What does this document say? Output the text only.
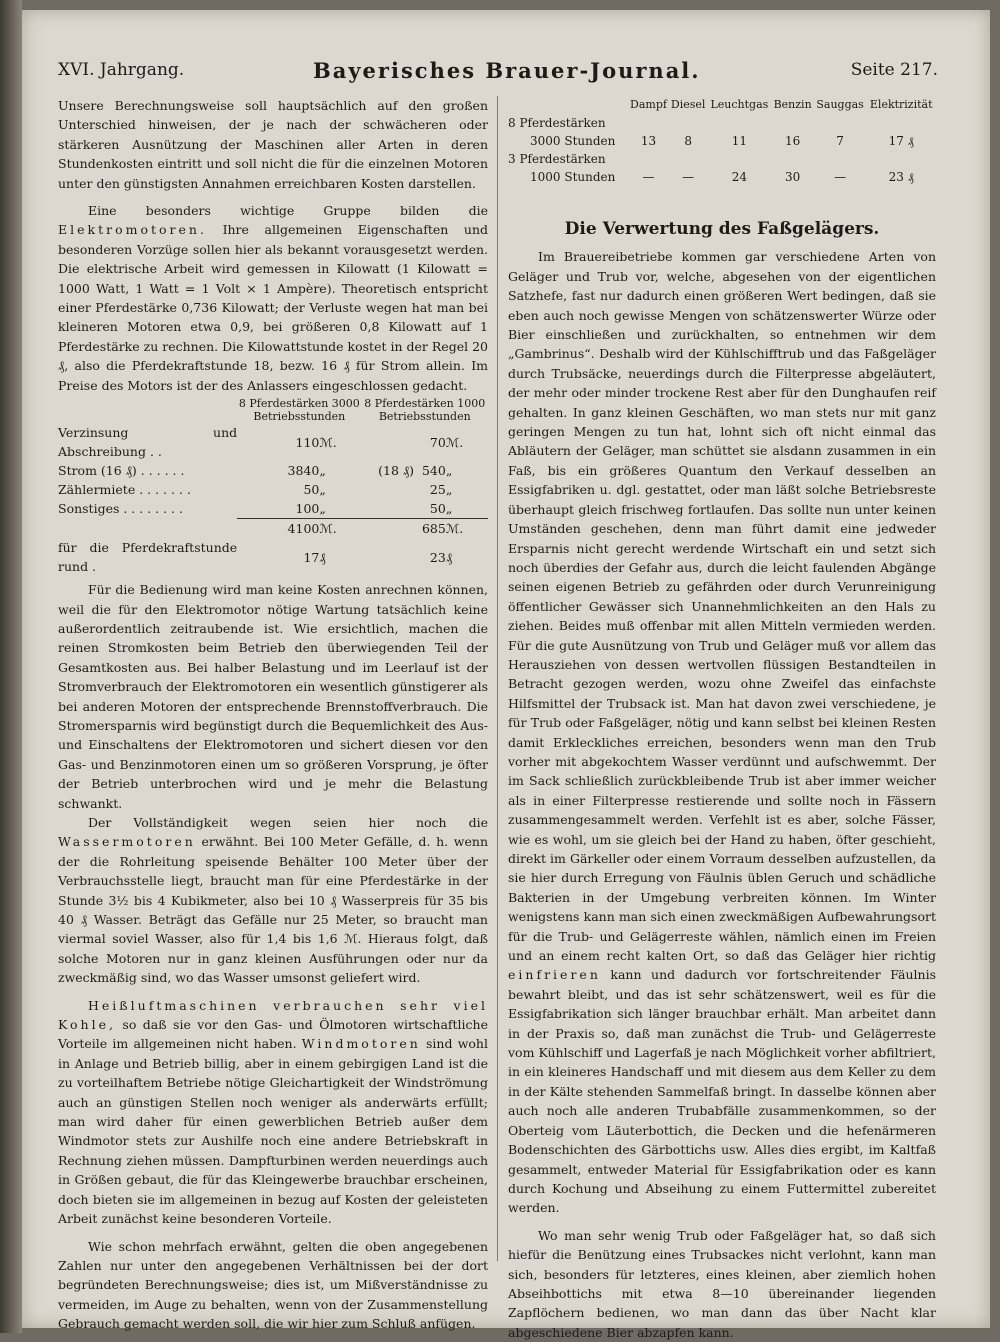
XVI. Jahrgang.	Bayerisches Brauer-Journal.	Seite 217.

Unsere Berechnungsweise soll hauptsächlich auf den großen Unterschied hinweisen, der je nach der schwächeren oder stärkeren Ausnützung der Maschinen aller Arten in deren Stundenkosten eintritt und soll nicht die für die einzelnen Motoren unter den günstigsten Annahmen erreichbaren Kosten darstellen.

Eine besonders wichtige Gruppe bilden die Elektromotoren. Ihre allgemeinen Eigenschaften und besonderen Vorzüge sollen hier als bekannt vorausgesetzt werden. Die elektrische Arbeit wird gemessen in Kilowatt (1 Kilowatt = 1000 Watt, 1 Watt = 1 Volt × 1 Ampère). Theoretisch entspricht einer Pferdestärke 0,736 Kilowatt; der Verluste wegen hat man bei kleineren Motoren etwa 0,9, bei größeren 0,8 Kilowatt auf 1 Pferdestärke zu rechnen. Die Kilowattstunde kostet in der Regel 20 ₰, also die Pferdekraftstunde 18, bezw. 16 ₰ für Strom allein. Im Preise des Motors ist der des Anlassers eingeschlossen gedacht.

	8 Pferdestärken 3000 Betriebsstunden		8 Pferdestärken 1000 Betriebsstunden	
Verzinsung und Abschreibung . .	110	ℳ.	70	ℳ.
Strom (16 ₰) . . . . . .	3840	„	(18 ₰) 540	„
Zählermiete . . . . . . .	50	„	25	„
Sonstiges . . . . . . . .	100	„	50	„
	4100	ℳ.	685	ℳ.
für die Pferdekraftstunde rund .	17	₰	23	₰

Für die Bedienung wird man keine Kosten anrechnen können, weil die für den Elektromotor nötige Wartung tatsächlich keine außerordentlich zeitraubende ist. Wie ersichtlich, machen die reinen Stromkosten beim Betrieb den überwiegenden Teil der Gesamtkosten aus. Bei halber Belastung und im Leerlauf ist der Stromverbrauch der Elektromotoren ein wesentlich günstigerer als bei anderen Motoren der entsprechende Brennstoffverbrauch. Die Stromersparnis wird begünstigt durch die Bequemlichkeit des Aus- und Einschaltens der Elektromotoren und sichert diesen vor den Gas- und Benzinmotoren einen um so größeren Vorsprung, je öfter der Betrieb unterbrochen wird und je mehr die Belastung schwankt.

Der Vollständigkeit wegen seien hier noch die Wassermotoren erwähnt. Bei 100 Meter Gefälle, d. h. wenn der die Rohrleitung speisende Behälter 100 Meter über der Verbrauchsstelle liegt, braucht man für eine Pferdestärke in der Stunde 3½ bis 4 Kubikmeter, also bei 10 ₰ Wasserpreis für 35 bis 40 ₰ Wasser. Beträgt das Gefälle nur 25 Meter, so braucht man viermal soviel Wasser, also für 1,4 bis 1,6 ℳ. Hieraus folgt, daß solche Motoren nur in ganz kleinen Ausführungen oder nur da zweckmäßig sind, wo das Wasser umsonst geliefert wird.

Heißluftmaschinen verbrauchen sehr viel Kohle, so daß sie vor den Gas- und Ölmotoren wirtschaftliche Vorteile im allgemeinen nicht haben. Windmotoren sind wohl in Anlage und Betrieb billig, aber in einem gebirgigen Land ist die zu vorteilhaftem Betriebe nötige Gleichartigkeit der Windströmung auch an günstigen Stellen noch weniger als anderwärts erfüllt; man wird daher für einen gewerblichen Betrieb außer dem Windmotor stets zur Aushilfe noch eine andere Betriebskraft in Rechnung ziehen müssen. Dampfturbinen werden neuerdings auch in Größen gebaut, die für das Kleingewerbe brauchbar erscheinen, doch bieten sie im allgemeinen in bezug auf Kosten der geleisteten Arbeit zunächst keine besonderen Vorteile.

Wie schon mehrfach erwähnt, gelten die oben angegebenen Zahlen nur unter den angegebenen Verhältnissen bei der dort begründeten Berechnungsweise; dies ist, um Mißverständnisse zu vermeiden, im Auge zu behalten, wenn von der Zusammenstellung Gebrauch gemacht werden soll, die wir hier zum Schluß anfügen.

	Dampf	Diesel	Leuchtgas	Benzin	Sauggas	Elektrizität
8 Pferdestärken						
3000 Stunden	13	8	11	16	7	17 ₰
3 Pferdestärken						
1000 Stunden	—	—	24	30	—	23 ₰
Die Verwertung des Faßgelägers.

Im Brauereibetriebe kommen gar verschiedene Arten von Geläger und Trub vor, welche, abgesehen von der eigentlichen Satzhefe, fast nur dadurch einen größeren Wert bedingen, daß sie eben auch noch gewisse Mengen von schätzenswerter Würze oder Bier einschließen und zurückhalten, so entnehmen wir dem „Gambrinus“. Deshalb wird der Kühlschifftrub und das Faßgeläger durch Trubsäcke, neuerdings durch die Filterpresse abgeläutert, der mehr oder minder trockene Rest aber für den Dunghaufen reif gehalten. In ganz kleinen Geschäften, wo man stets nur mit ganz geringen Mengen zu tun hat, lohnt sich oft nicht einmal das Abläutern der Geläger, man schüttet sie alsdann zusammen in ein Faß, bis ein größeres Quantum den Verkauf desselben an Essigfabriken u. dgl. gestattet, oder man läßt solche Betriebsreste überhaupt gleich frischweg fortlaufen. Das sollte nun unter keinen Umständen geschehen, denn man führt damit eine jedweder Ersparnis nicht gerecht werdende Wirtschaft ein und setzt sich noch überdies der Gefahr aus, durch die leicht faulenden Abgänge seinen eigenen Betrieb zu gefährden oder durch Verunreinigung öffentlicher Gewässer sich Unannehmlichkeiten an den Hals zu ziehen. Beides muß offenbar mit allen Mitteln vermieden werden. Für die gute Ausnützung von Trub und Geläger muß vor allem das Herausziehen von dessen wertvollen flüssigen Bestandteilen in Betracht gezogen werden, wozu ohne Zweifel das einfachste Hilfsmittel der Trubsack ist. Man hat davon zwei verschiedene, je für Trub oder Faßgeläger, nötig und kann selbst bei kleinen Resten damit Erkleckliches erreichen, besonders wenn man den Trub vorher mit abgekochtem Wasser verdünnt und aufschwemmt. Der im Sack schließlich zurückbleibende Trub ist aber immer weicher als in einer Filterpresse restierende und sollte noch in Fässern zusammengesammelt werden. Verfehlt ist es aber, solche Fässer, wie es wohl, um sie gleich bei der Hand zu haben, öfter geschieht, direkt im Gärkeller oder einem Vorraum desselben aufzustellen, da sie hier durch Erregung von Fäulnis üblen Geruch und schädliche Bakterien in der Umgebung verbreiten können. Im Winter wenigstens kann man sich einen zweckmäßigen Aufbewahrungsort für die Trub- und Gelägerreste wählen, nämlich einen im Freien und an einem recht kalten Ort, so daß das Geläger hier richtig einfrieren kann und dadurch vor fortschreitender Fäulnis bewahrt bleibt, und das ist sehr schätzenswert, weil es für die Essigfabrikation sich länger brauchbar erhält. Man arbeitet dann in der Praxis so, daß man zunächst die Trub- und Gelägerreste vom Kühlschiff und Lagerfaß je nach Möglichkeit vorher abfiltriert, in ein kleineres Handschaff und mit diesem aus dem Keller zu dem in der Kälte stehenden Sammelfaß bringt. In dasselbe können aber auch noch alle anderen Trubabfälle zusammenkommen, so der Oberteig vom Läuterbottich, die Decken und die hefenärmeren Bodenschichten des Gärbottichs usw. Alles dies ergibt, im Kaltfaß gesammelt, entweder Material für Essigfabrikation oder es kann durch Kochung und Abseihung zu einem Futtermittel zubereitet werden.

Wo man sehr wenig Trub oder Faßgeläger hat, so daß sich hiefür die Benützung eines Trubsackes nicht verlohnt, kann man sich, besonders für letzteres, eines kleinen, aber ziemlich hohen Abseihbottichs mit etwa 8—10 übereinander liegenden Zapflöchern bedienen, wo man dann das über Nacht klar abgeschiedene Bier abzapfen kann.
